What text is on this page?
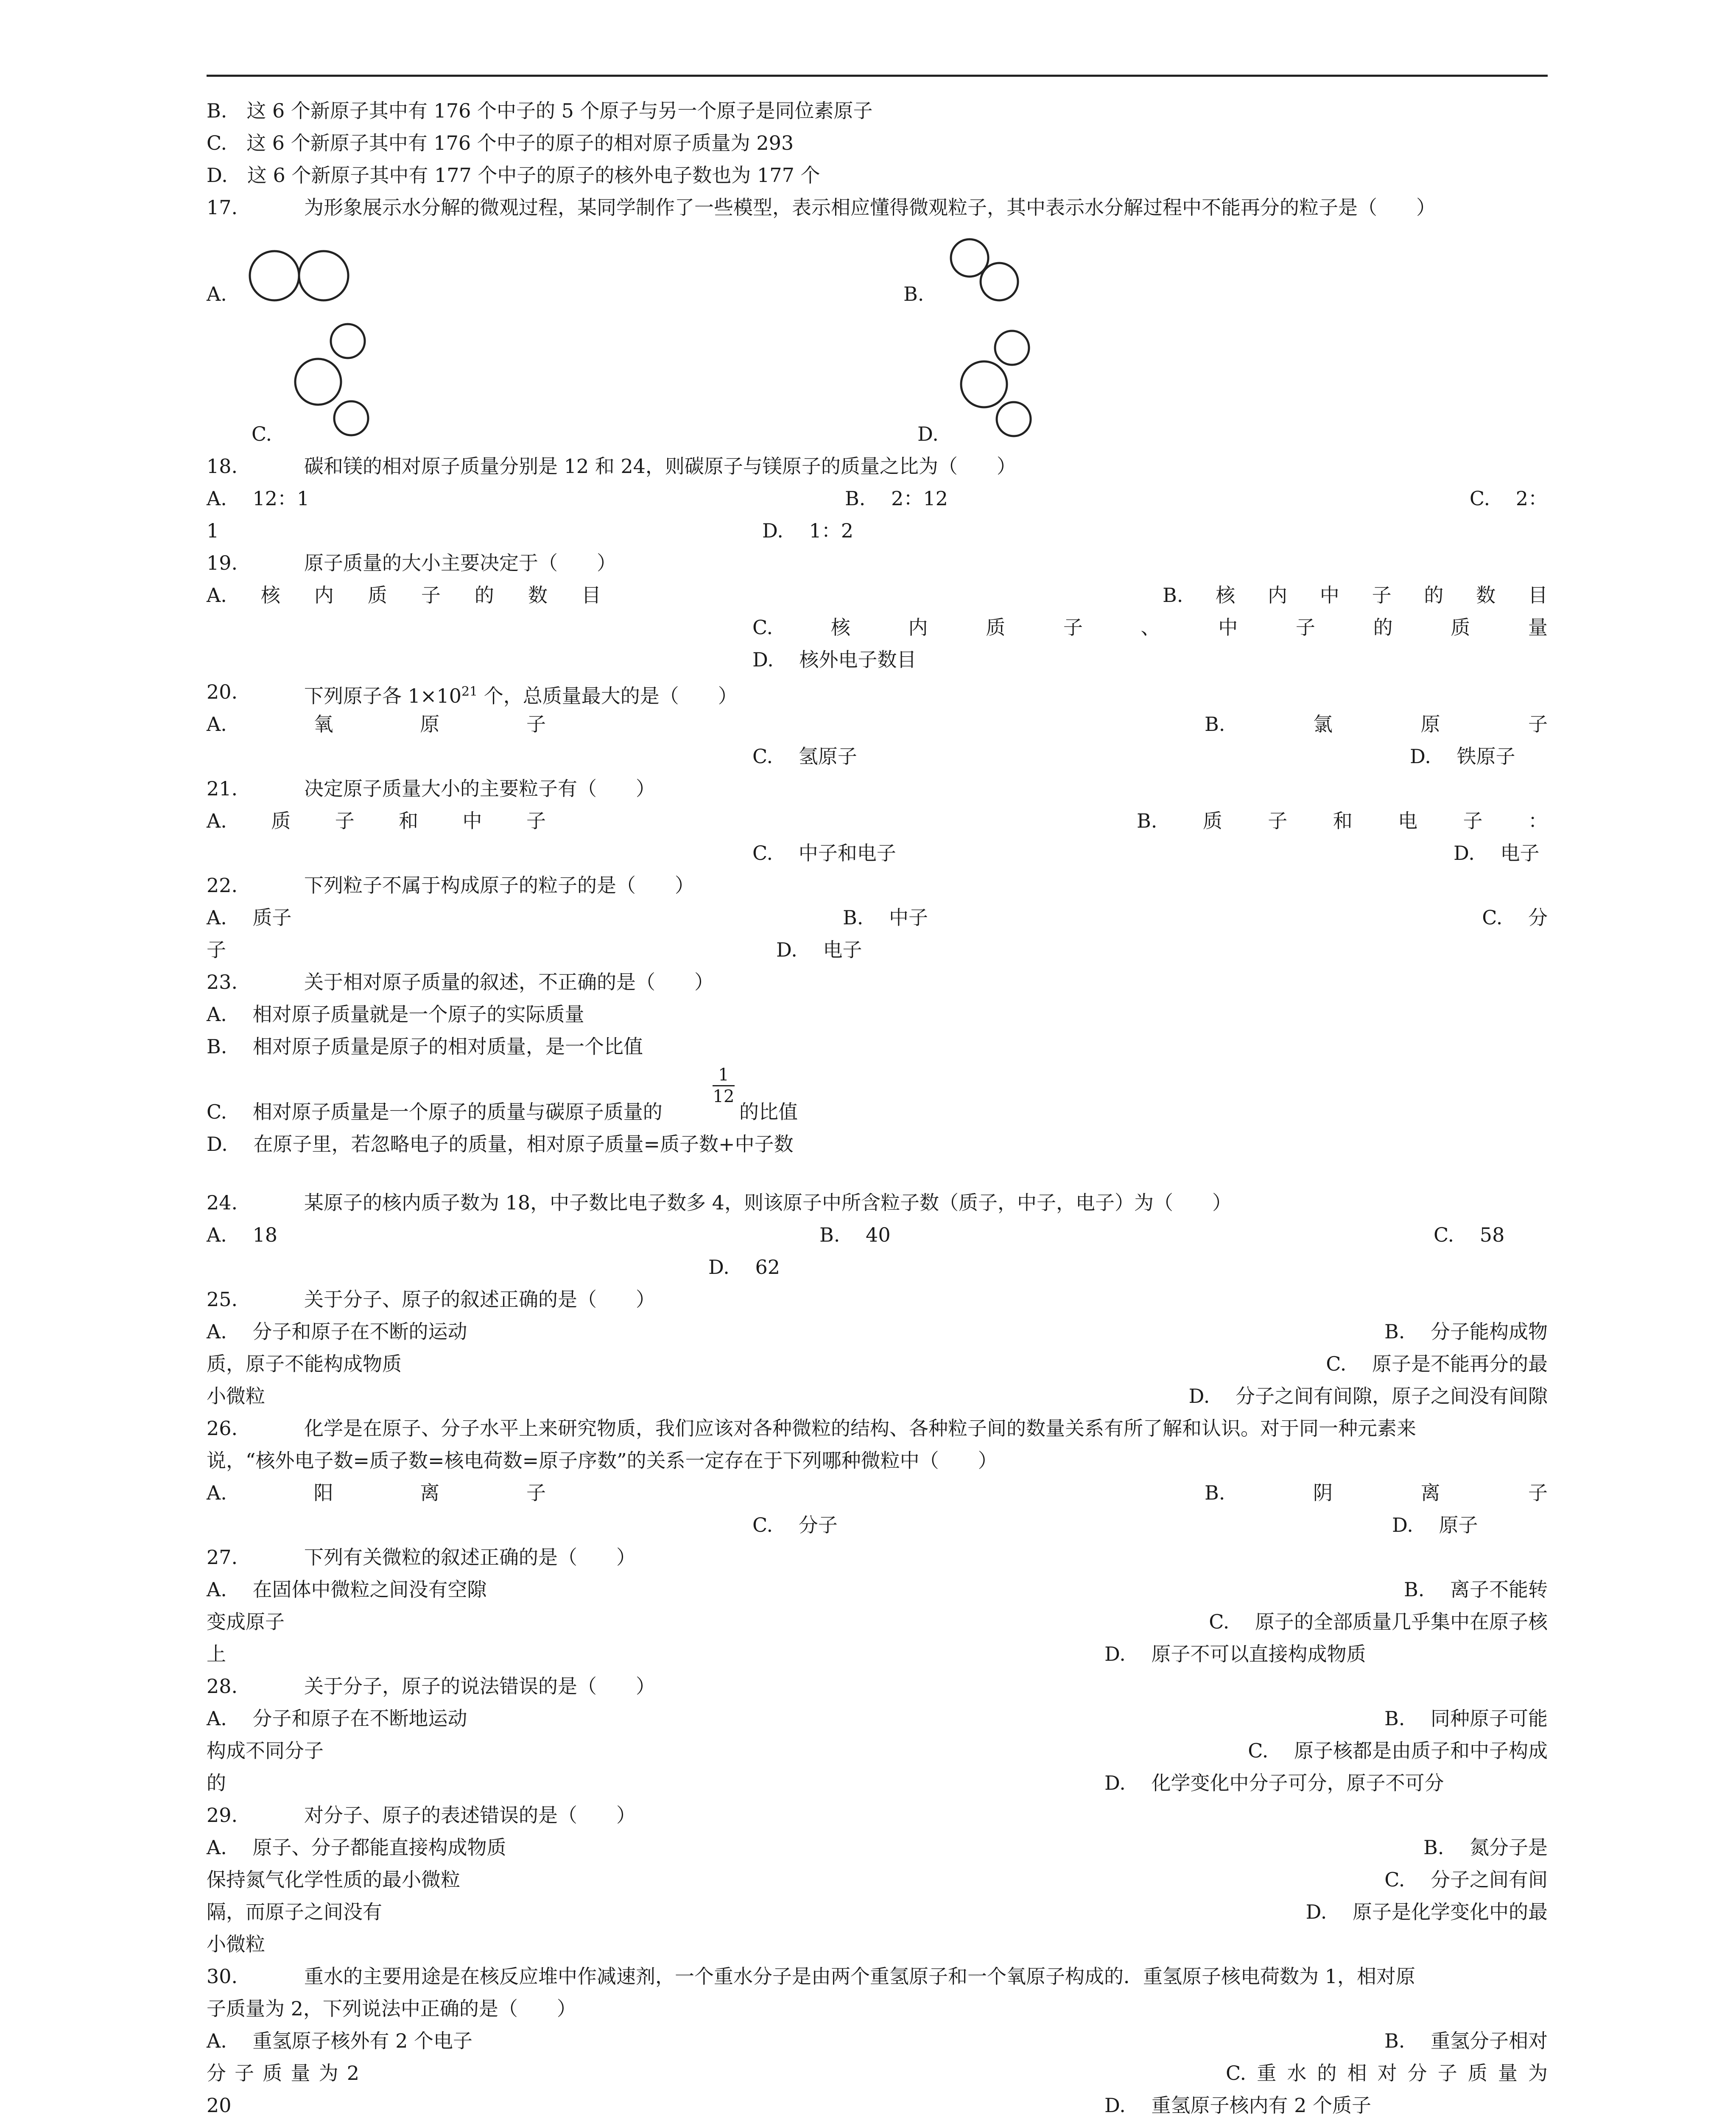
B.　这 6 个新原子其中有 176 个中子的 5 个原子与另一个原子是同位素原子
C.　这 6 个新原子其中有 176 个中子的原子的相对原子质量为 293
D.　这 6 个新原子其中有 177 个中子的原子的核外电子数也为 177 个
17.	为形象展示水分解的微观过程，某同学制作了一些模型，表示相应懂得微观粒子，其中表示水分解过程中不能再分的粒子是（　　）
A.	B.
C.	D.
18.	碳和镁的相对原子质量分别是 12 和 24，则碳原子与镁原子的质量之比为（　　）
A.　 12：1	B.　 2：12	C.　 2：
1	D.　 1：2
19.	原子质量的大小主要决定于（　　）
A. 核 内 质 子 的 数 目	B. 核 内 中 子 的 数 目
C.	核	内	质	子	、	中	子	的	质	量
D.　 核外电子数目
20.	下列原子各 $1\times 10^{21}$ 个，总质量最大的是（　　）
A.	氧	原	子	B.	氯	原	子
C.　 氢原子	D.　 铁原子
21.	决定原子质量大小的主要粒子有（　　）
A. 质 子 和 中 子	B. 质 子 和 电 子 ：
C.　 中子和电子	D.　 电子
22.	下列粒子不属于构成原子的粒子的是（　　）
A.　 质子	B.　 中子	C.　 分
子	D.　 电子
23.	关于相对原子质量的叙述，不正确的是（　　）
A.　 相对原子质量就是一个原子的实际质量
B.　 相对原子质量是原子的相对质量，是一个比值
$\frac{1}{12}$
C.　 相对原子质量是一个原子的质量与碳原子质量的	的比值
D.　 在原子里，若忽略电子的质量，相对原子质量=质子数+中子数
24.	某原子的核内质子数为 18，中子数比电子数多 4，则该原子中所含粒子数（质子，中子，电子）为（　　）
A.　 18	B.　 40	C.　 58
D.　 62
25.	关于分子、原子的叙述正确的是（　　）
A.　 分子和原子在不断的运动	B.　 分子能构成物
质，原子不能构成物质	C.　 原子是不能再分的最
小微粒	D.　 分子之间有间隙，原子之间没有间隙
26.	化学是在原子、分子水平上来研究物质，我们应该对各种微粒的结构、各种粒子间的数量关系有所了解和认识。对于同一种元素来
说，“核外电子数=质子数=核电荷数=原子序数”的关系一定存在于下列哪种微粒中（　　）
A.	阳	离	子	B.	阴	离	子
C.　 分子	D.　 原子
27.	下列有关微粒的叙述正确的是（　　）
A.　 在固体中微粒之间没有空隙	B.　 离子不能转
变成原子	C.　 原子的全部质量几乎集中在原子核
上	D.　 原子不可以直接构成物质
28.	关于分子，原子的说法错误的是（　　）
A.　 分子和原子在不断地运动	B.　 同种原子可能
构成不同分子	C.　 原子核都是由质子和中子构成
的	D.　 化学变化中分子可分，原子不可分
29.	对分子、原子的表述错误的是（　　）
A.　 原子、分子都能直接构成物质	B.　 氮分子是
保持氮气化学性质的最小微粒	C.　 分子之间有间
隔，而原子之间没有	D.　 原子是化学变化中的最
小微粒
30.	重水的主要用途是在核反应堆中作减速剂，一个重水分子是由两个重氢原子和一个氧原子构成的．重氢原子核电荷数为 1，相对原
子质量为 2，下列说法中正确的是（　　）
A.　 重氢原子核外有 2 个电子	B.　 重氢分子相对
分 子 质 量 为 2	C. 重 水 的 相 对 分 子 质 量 为
20	D.　 重氢原子核内有 2 个质子
